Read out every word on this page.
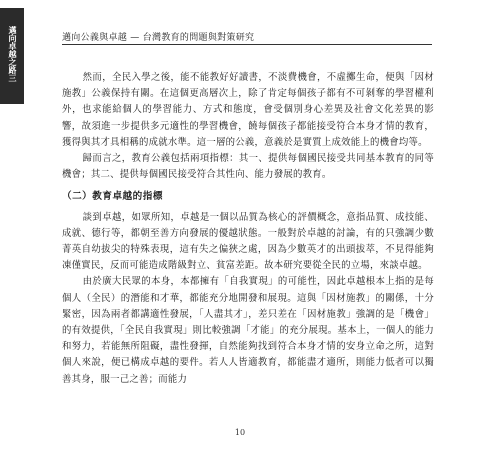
邁向卓越之路三	邁向公義與卓越 — 台灣教育的問題與對策研究

然而，全民入學之後，能不能教好好讀書，不淡費機會，不虛擲生命，便與「因材施教」公義保持有關。在這個更高層次上，除了肯定每個孩子都有不可剝奪的學習權利外，也求能給個人的學習能力、方式和態度，會受個別身心差異及社會文化差異的影響，故須進一步提供多元適性的學習機會，饒每個孩子都能接受符合本身才情的教育，獲得與其才具相稱的成就水準。這一層的公義，意義於是實質上成效能上的機會均等。

歸而言之，教育公義包括兩項指標：其一、提供每個國民接受共同基本教育的同等機會；其二、提供每個國民接受符合其性向、能力發展的教育。

（二）教育卓越的指標

談到卓越，如眾所知，卓越是一個以品質為核心的評價概念，意指品質、成技能、成就、德行等，都朝至善方向發展的優越狀態。一般對於卓越的討論，有的只強調少數菁英自幼拔尖的特殊表現，這有失之偏狹之處，因為少數英才的出頭拔萃，不見得能夠凍僅實民，反而可能造成階級對立、貧富差距。故本研究要從全民的立場，來談卓越。

由於廣大民眾的本身，本都擁有「自我實現」的可能性，因此卓越根本上指的是每個人（全民）的潛能和才華，都能充分地開發和展現。這與「因材施教」的關係，十分緊密，因為兩者都講適性發展，「人盡其才」，差只差在「因材施教」強調的是「機會」的有效提供，「全民自我實現」則比較強調「才能」的充分展現。基本上，一個人的能力和努力，若能無所阻礙，盡性發揮，自然能夠找到符合本身才情的安身立命之所，這對個人來說，便已構成卓越的要件。若人人皆適教育，都能盡才適所，則能力低者可以獨善其身，服一己之善；而能力

10
